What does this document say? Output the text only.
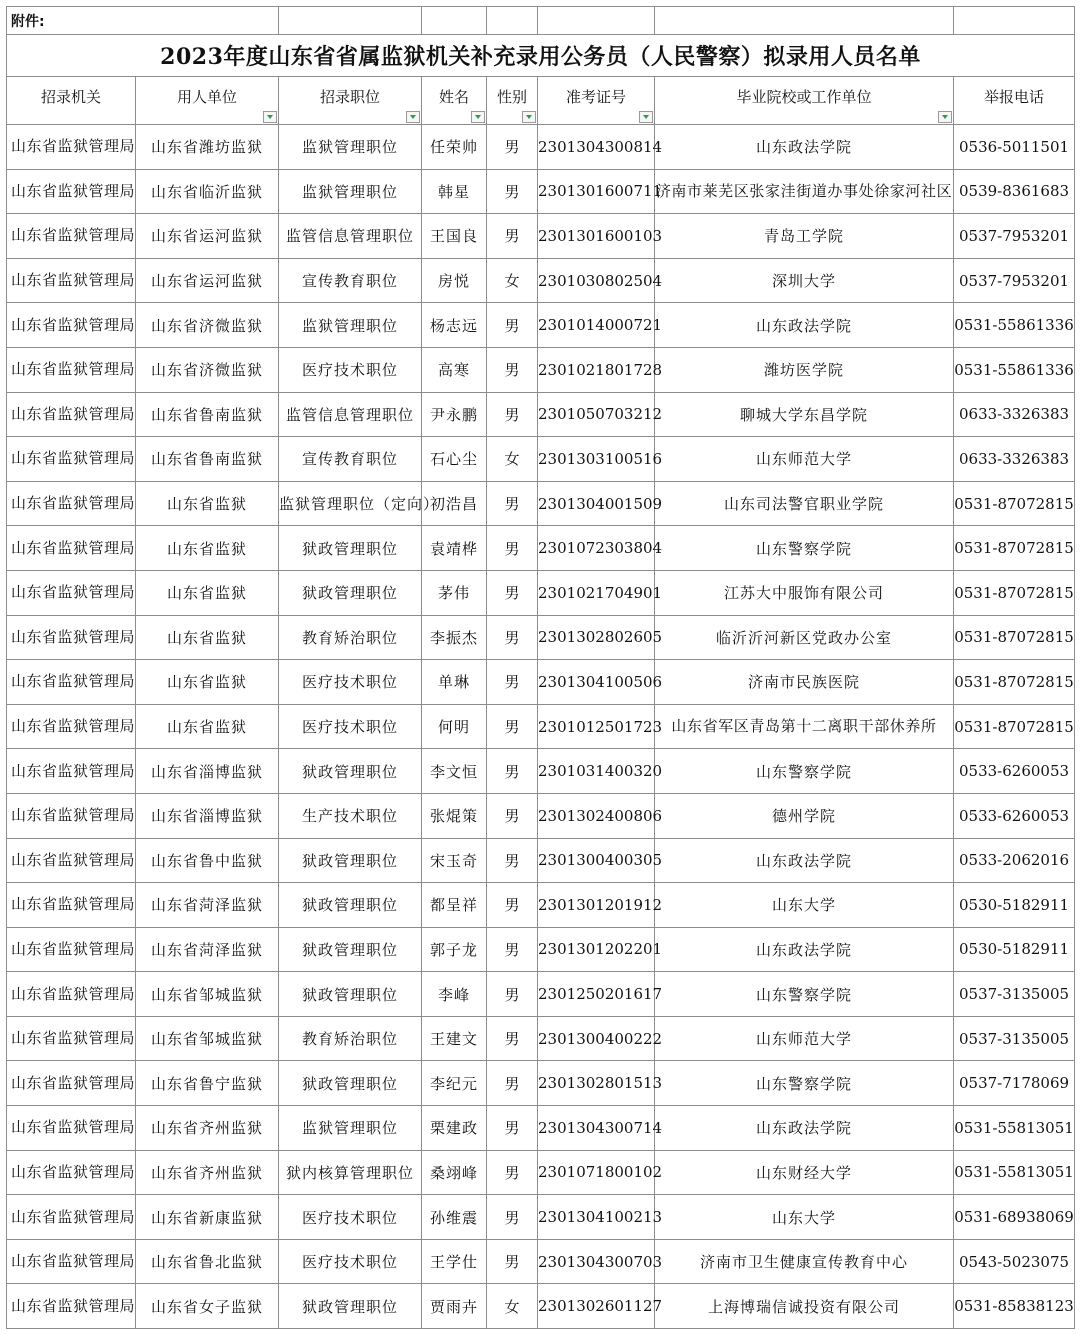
附件:							
2023年度山东省省属监狱机关补充录用公务员（人民警察）拟录用人员名单							

招录机关	用人单位	招录职位	姓名	性别	准考证号	毕业院校或工作单位	举报电话

山东省监狱管理局	山东省潍坊监狱	监狱管理职位	任荣帅	男	2301304300814	山东政法学院	0536-5011501
山东省监狱管理局	山东省临沂监狱	监狱管理职位	韩星	男	2301301600711	济南市莱芜区张家洼街道办事处徐家河社区	0539-8361683
山东省监狱管理局	山东省运河监狱	监管信息管理职位	王国良	男	2301301600103	青岛工学院	0537-7953201
山东省监狱管理局	山东省运河监狱	宣传教育职位	房悦	女	2301030802504	深圳大学	0537-7953201
山东省监狱管理局	山东省济微监狱	监狱管理职位	杨志远	男	2301014000721	山东政法学院	0531-55861336
山东省监狱管理局	山东省济微监狱	医疗技术职位	高寒	男	2301021801728	潍坊医学院	0531-55861336
山东省监狱管理局	山东省鲁南监狱	监管信息管理职位	尹永鹏	男	2301050703212	聊城大学东昌学院	0633-3326383
山东省监狱管理局	山东省鲁南监狱	宣传教育职位	石心尘	女	2301303100516	山东师范大学	0633-3326383
山东省监狱管理局	山东省监狱	监狱管理职位（定向）	初浩昌	男	2301304001509	山东司法警官职业学院	0531-87072815
山东省监狱管理局	山东省监狱	狱政管理职位	袁靖桦	男	2301072303804	山东警察学院	0531-87072815
山东省监狱管理局	山东省监狱	狱政管理职位	茅伟	男	2301021704901	江苏大中服饰有限公司	0531-87072815
山东省监狱管理局	山东省监狱	教育矫治职位	李振杰	男	2301302802605	临沂沂河新区党政办公室	0531-87072815
山东省监狱管理局	山东省监狱	医疗技术职位	单琳	男	2301304100506	济南市民族医院	0531-87072815
山东省监狱管理局	山东省监狱	医疗技术职位	何明	男	2301012501723	山东省军区青岛第十二离职干部休养所	0531-87072815
山东省监狱管理局	山东省淄博监狱	狱政管理职位	李文恒	男	2301031400320	山东警察学院	0533-6260053
山东省监狱管理局	山东省淄博监狱	生产技术职位	张焜策	男	2301302400806	德州学院	0533-6260053
山东省监狱管理局	山东省鲁中监狱	狱政管理职位	宋玉奇	男	2301300400305	山东政法学院	0533-2062016
山东省监狱管理局	山东省菏泽监狱	狱政管理职位	都呈祥	男	2301301201912	山东大学	0530-5182911
山东省监狱管理局	山东省菏泽监狱	狱政管理职位	郭子龙	男	2301301202201	山东政法学院	0530-5182911
山东省监狱管理局	山东省邹城监狱	狱政管理职位	李峰	男	2301250201617	山东警察学院	0537-3135005
山东省监狱管理局	山东省邹城监狱	教育矫治职位	王建文	男	2301300400222	山东师范大学	0537-3135005
山东省监狱管理局	山东省鲁宁监狱	狱政管理职位	李纪元	男	2301302801513	山东警察学院	0537-7178069
山东省监狱管理局	山东省齐州监狱	监狱管理职位	栗建政	男	2301304300714	山东政法学院	0531-55813051
山东省监狱管理局	山东省齐州监狱	狱内核算管理职位	桑翊峰	男	2301071800102	山东财经大学	0531-55813051
山东省监狱管理局	山东省新康监狱	医疗技术职位	孙维震	男	2301304100213	山东大学	0531-68938069
山东省监狱管理局	山东省鲁北监狱	医疗技术职位	王学仕	男	2301304300703	济南市卫生健康宣传教育中心	0543-5023075
山东省监狱管理局	山东省女子监狱	狱政管理职位	贾雨卉	女	2301302601127	上海博瑞信诚投资有限公司	0531-85838123
